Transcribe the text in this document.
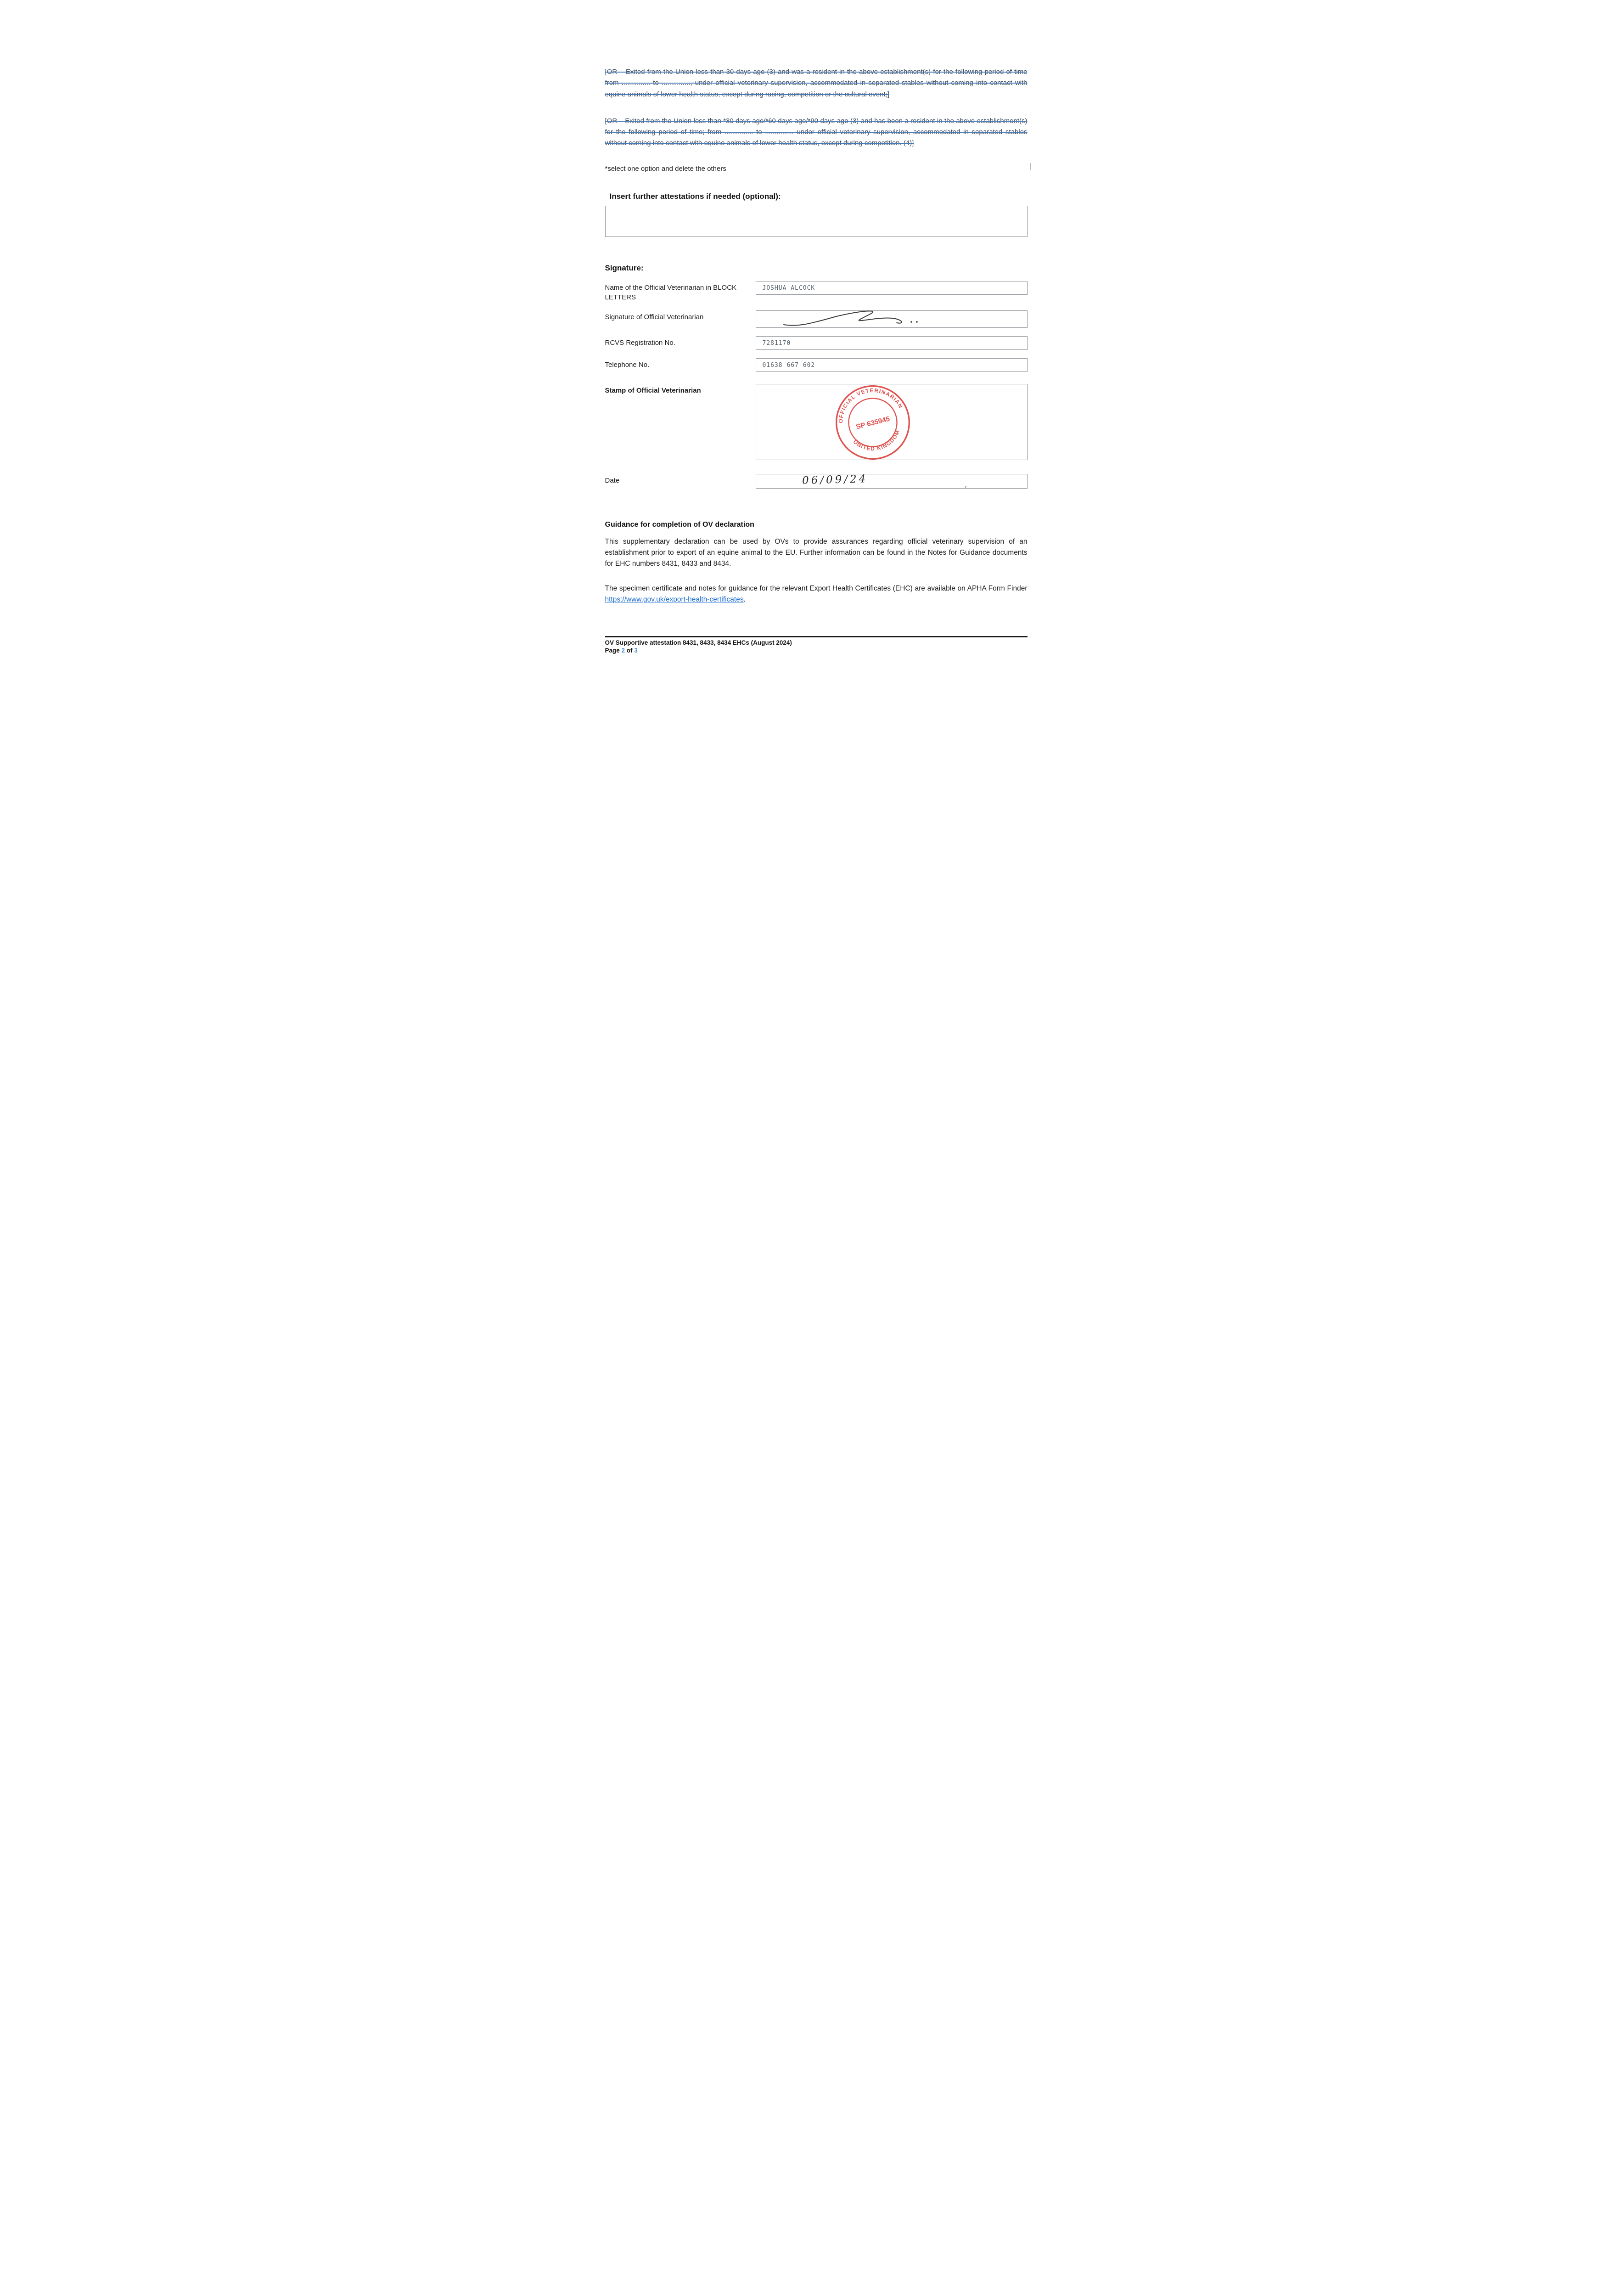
[OR – Exited from the Union less than 30 days ago (3) and was a resident in the above establishment(s) for the following period of time from ............... to ..............., under official veterinary supervision, accommodated in separated stables without coming into contact with equine animals of lower health status, except during racing, competition or the cultural event;]

[OR – Exited from the Union less than *30 days ago/*60 days ago/*90 days ago (3) and has been a resident in the above establishment(s) for the following period of time; from ............... to ............... under official veterinary supervision, accommodated in separated stables without coming into contact with equine animals of lower health status, except during competition. (4)]

*select one option and delete the others

Insert further attestations if needed (optional):
Signature:
Name of the Official Veterinarian in BLOCK LETTERS
JOSHUA ALCOCK
Signature of Official Veterinarian
RCVS Registration No.	7281170
Telephone No.	01638 667 602
Stamp of Official Veterinarian
OFFICIAL VETERINARIAN
UNITED KINGDOM
SP 635945
Date	06/09/24	,
Guidance for completion of OV declaration

This supplementary declaration can be used by OVs to provide assurances regarding official veterinary supervision of an establishment prior to export of an equine animal to the EU. Further information can be found in the Notes for Guidance documents for EHC numbers 8431, 8433 and 8434.

The specimen certificate and notes for guidance for the relevant Export Health Certificates (EHC) are available on APHA Form Finder https://www.gov.uk/export-health-certificates.

OV Supportive attestation 8431, 8433, 8434 EHCs (August 2024)
Page 2 of 3
